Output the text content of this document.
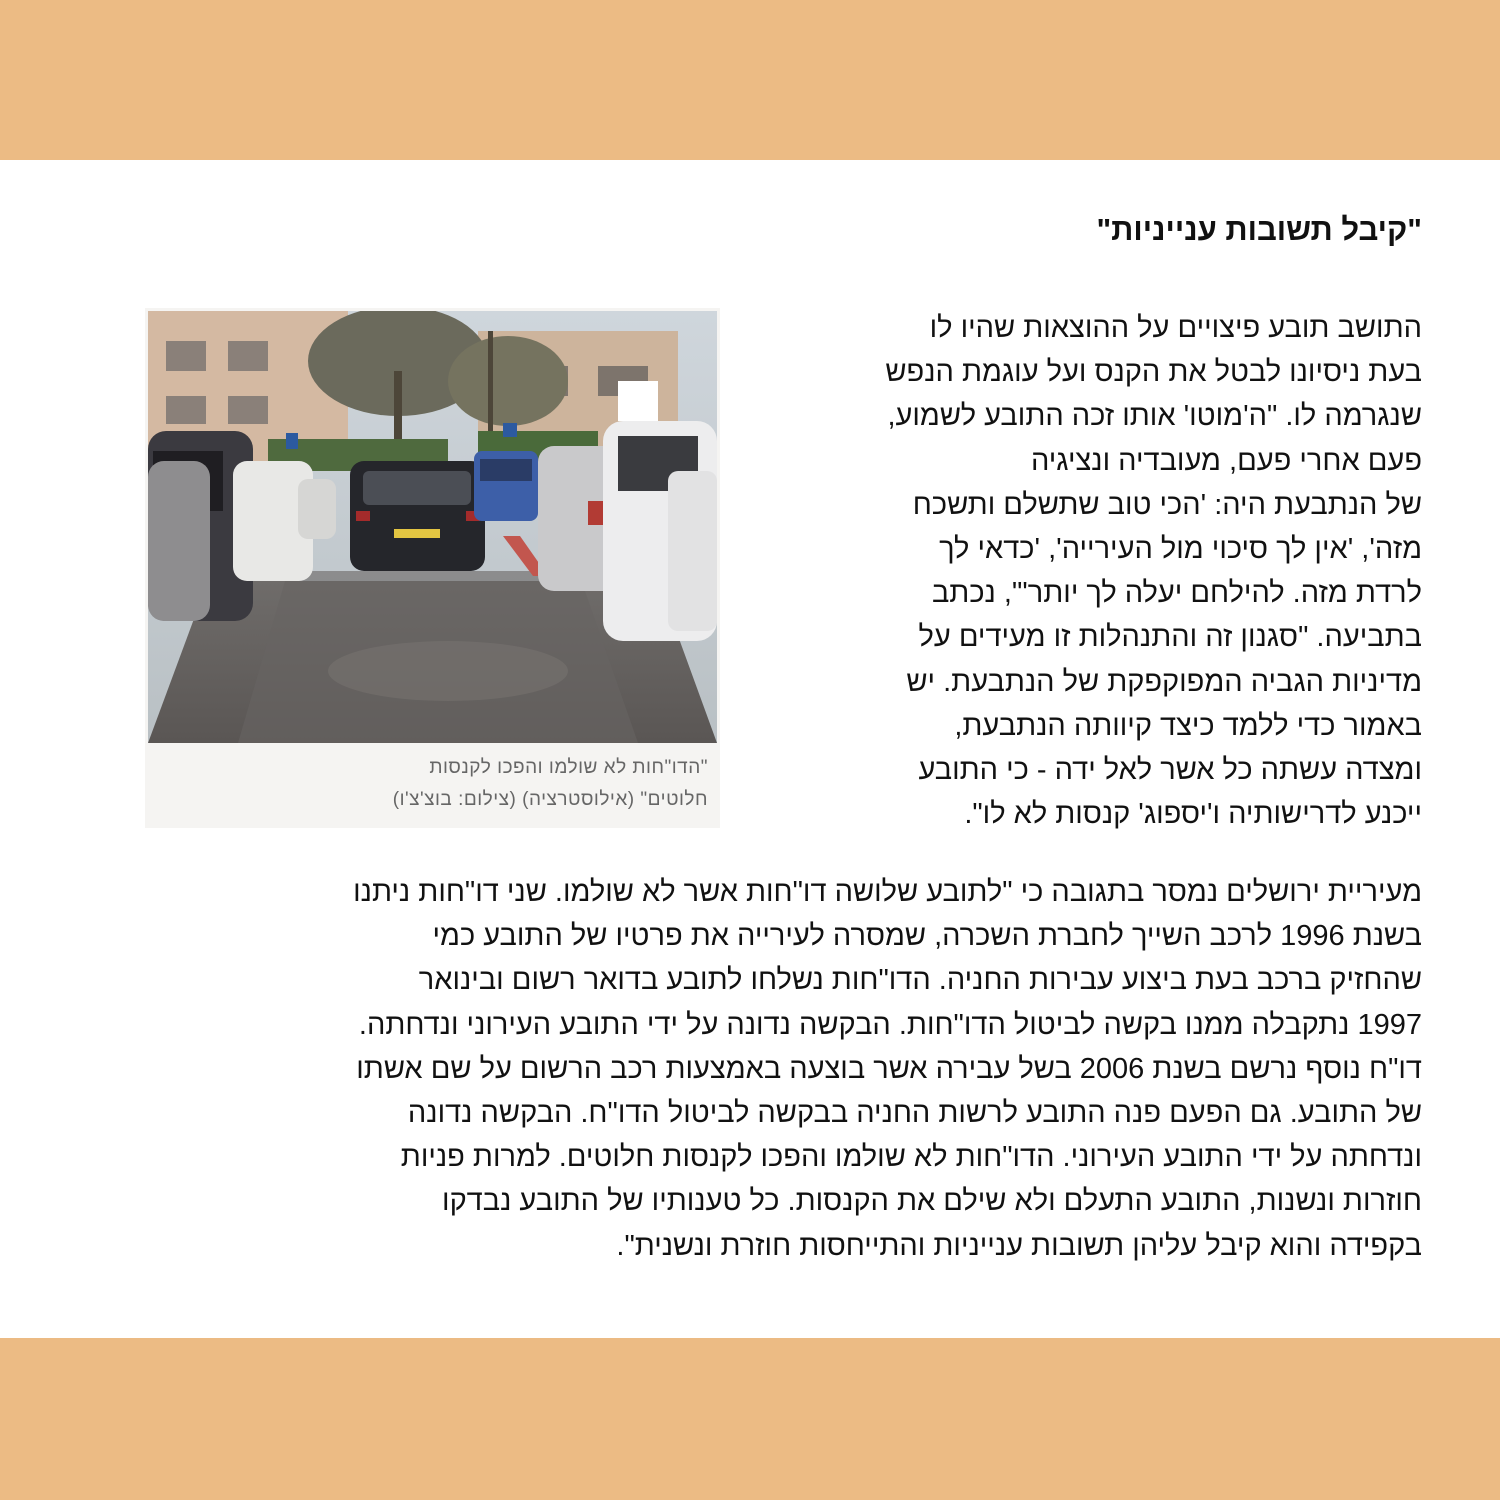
"קיבל תשובות ענייניות"
התושב תובע פיצויים על ההוצאות שהיו לו
בעת ניסיונו לבטל את הקנס ועל עוגמת הנפש
שנגרמה לו. "ה'מוטו' אותו זכה התובע לשמוע,
פעם אחרי פעם, מעובדיה ונציגיה
של הנתבעת היה: 'הכי טוב שתשלם ותשכח
מזה', 'אין לך סיכוי מול העירייה', 'כדאי לך
לרדת מזה. להילחם יעלה לך יותר'", נכתב
בתביעה. "סגנון זה והתנהלות זו מעידים על
מדיניות הגביה המפוקפקת של הנתבעת. יש
באמור כדי ללמד כיצד קיוותה הנתבעת,
ומצדה עשתה כל אשר לאל ידה - כי התובע
ייכנע לדרישותיה ו'יספוג' קנסות לא לו".
"הדו"חות לא שולמו והפכו לקנסות
חלוטים" (אילוסטרציה) (צילום: בוצ'צ'ו)
מעיריית ירושלים נמסר בתגובה כי "לתובע שלושה דו"חות אשר לא שולמו. שני דו"חות ניתנו
בשנת 1996 לרכב השייך לחברת השכרה, שמסרה לעירייה את פרטיו של התובע כמי
שהחזיק ברכב בעת ביצוע עבירות החניה. הדו"חות נשלחו לתובע בדואר רשום ובינואר
1997 נתקבלה ממנו בקשה לביטול הדו"חות. הבקשה נדונה על ידי התובע העירוני ונדחתה.
דו"ח נוסף נרשם בשנת 2006 בשל עבירה אשר בוצעה באמצעות רכב הרשום על שם אשתו
של התובע. גם הפעם פנה התובע לרשות החניה בבקשה לביטול הדו"ח. הבקשה נדונה
ונדחתה על ידי התובע העירוני. הדו"חות לא שולמו והפכו לקנסות חלוטים. למרות פניות
חוזרות ונשנות, התובע התעלם ולא שילם את הקנסות. כל טענותיו של התובע נבדקו
בקפידה והוא קיבל עליהן תשובות ענייניות והתייחסות חוזרת ונשנית".
